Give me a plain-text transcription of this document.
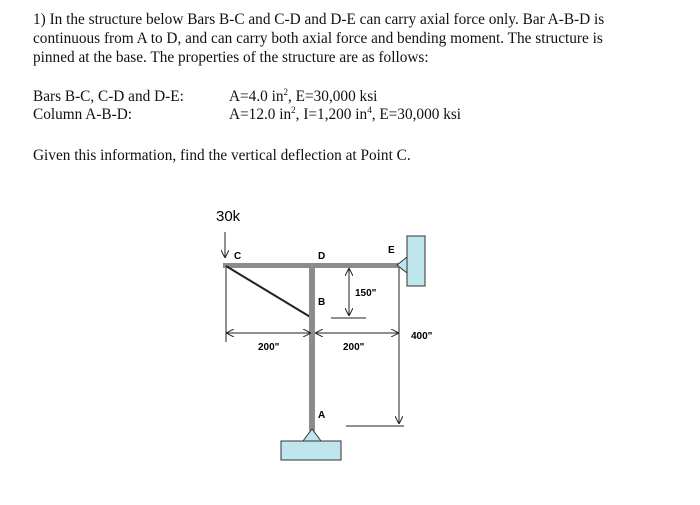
1) In the structure below Bars B-C and C-D and D-E can carry axial force only. Bar A-B-D is continuous from A to D, and can carry both axial force and bending moment. The structure is pinned at the base. The properties of the structure are as follows:
Bars B-C, C-D and D-E:	A=4.0 $in^2$, E=30,000 ksi
Column A-B-D:	A=12.0 $in^2$, I=1,200 $in^4$, E=30,000 ksi
Given this information, find the vertical deflection at Point C.
30k
C	D
E
B
A
200"	200"
150"
400"
